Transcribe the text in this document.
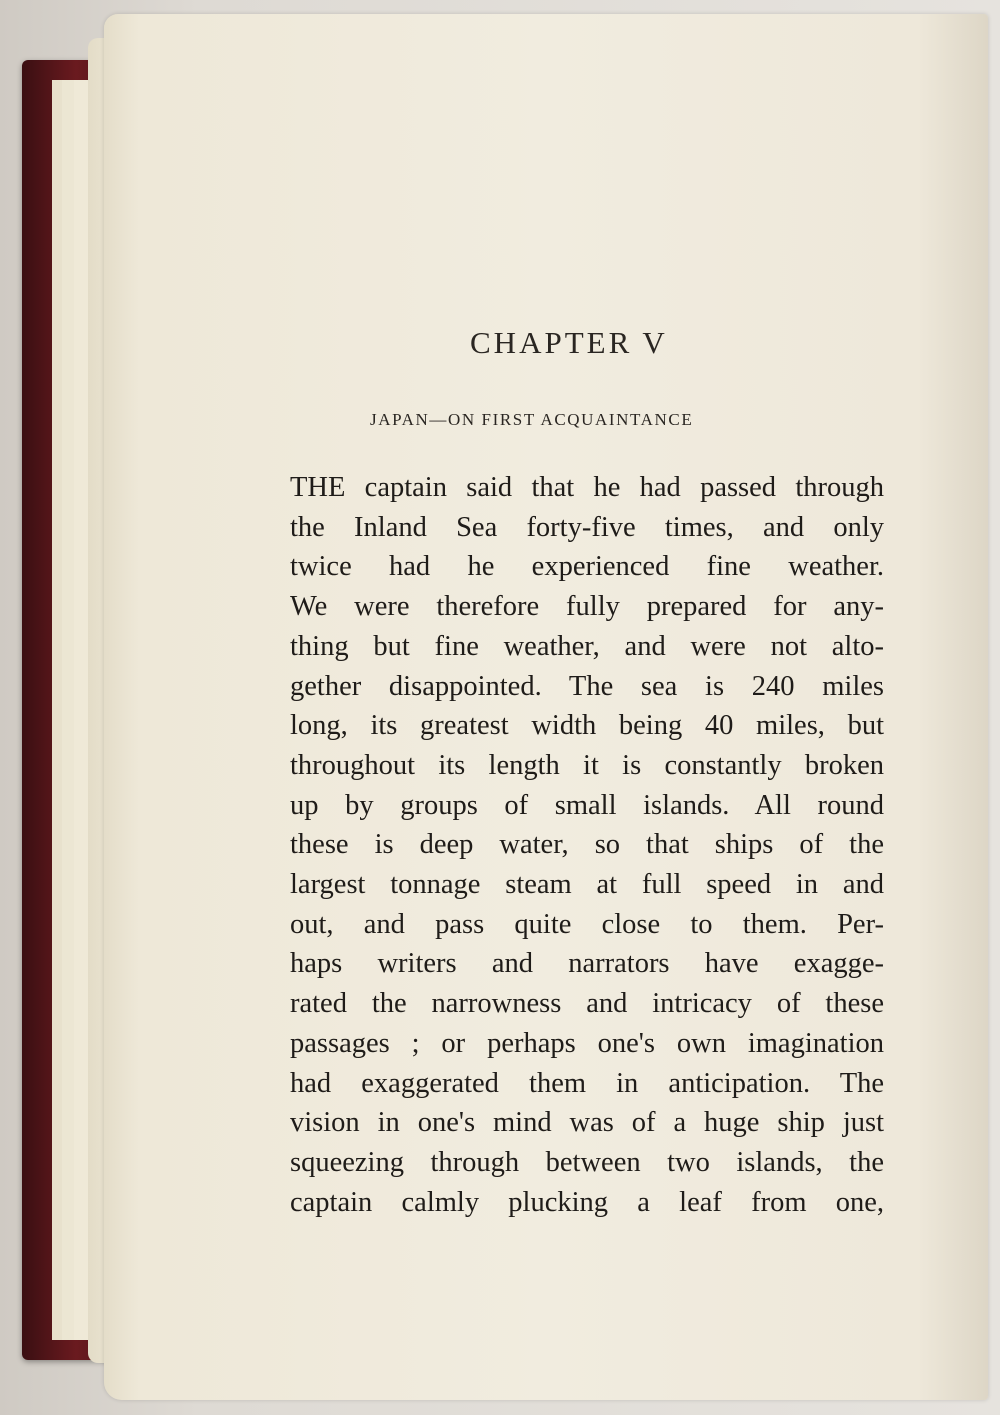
CHAPTER V
JAPAN—ON FIRST ACQUAINTANCE
THE captain said that he had passed through
the Inland Sea forty-five times, and only
twice had he experienced fine weather.
We were therefore fully prepared for any-
thing but fine weather, and were not alto-
gether disappointed. The sea is 240 miles
long, its greatest width being 40 miles, but
throughout its length it is constantly broken
up by groups of small islands. All round
these is deep water, so that ships of the
largest tonnage steam at full speed in and
out, and pass quite close to them. Per-
haps writers and narrators have exagge-
rated the narrowness and intricacy of these
passages ; or perhaps one's own imagination
had exaggerated them in anticipation. The
vision in one's mind was of a huge ship just
squeezing through between two islands, the
captain calmly plucking a leaf from one,
